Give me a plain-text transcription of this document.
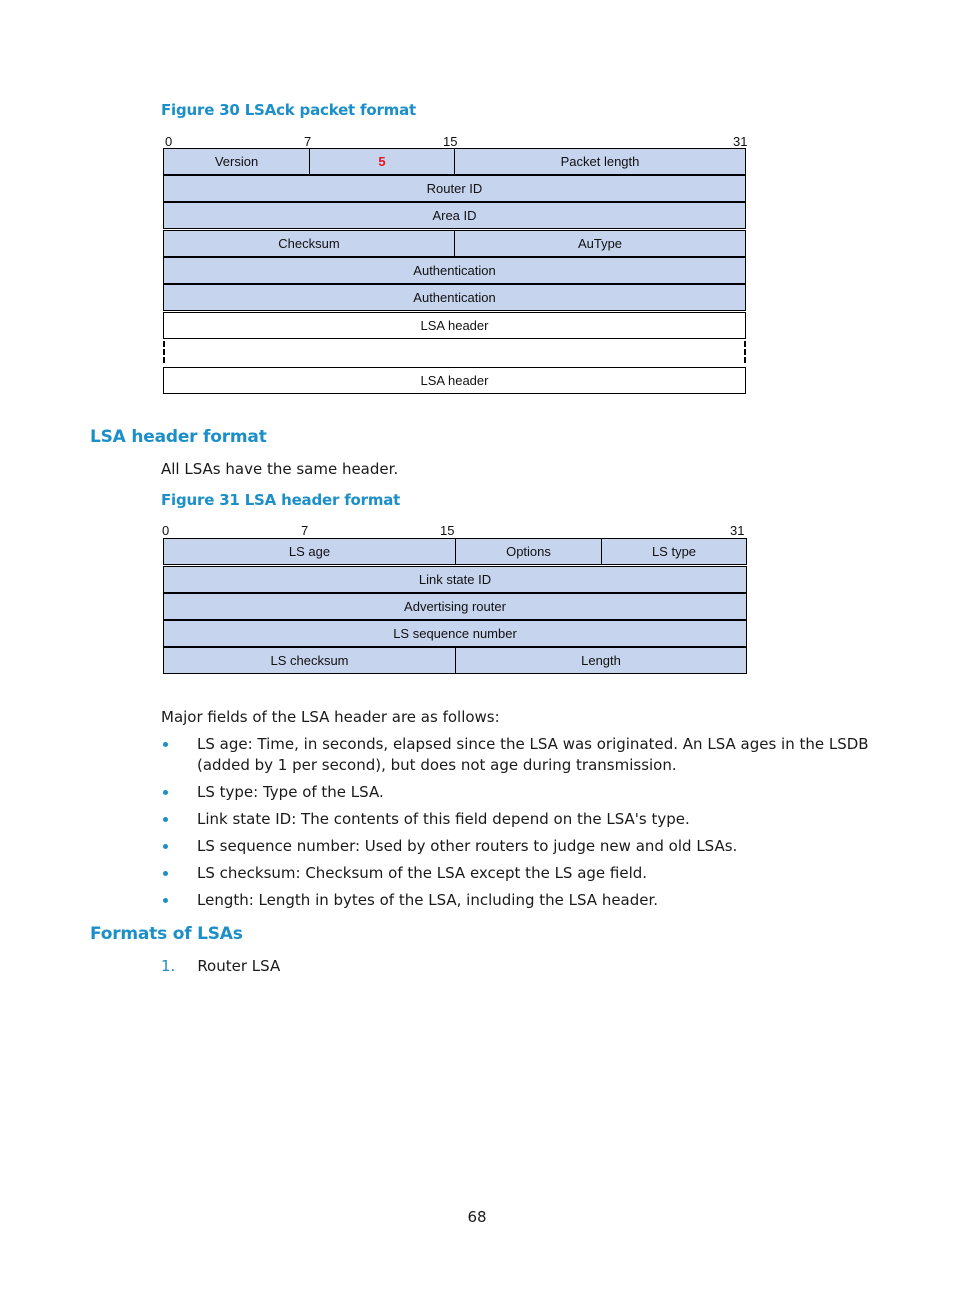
Figure 30 LSAck packet format
0	7	15	31
Version	5	Packet length
Router ID
Area ID
Checksum	AuType
Authentication
Authentication
LSA header
LSA header
LSA header format
All LSAs have the same header.
Figure 31 LSA header format
0	7	15	31
LS age	Options	LS type
Link state ID
Advertising router
LS sequence number
LS checksum	Length
Major fields of the LSA header are as follows:
LS age: Time, in seconds, elapsed since the LSA was originated. An LSA ages in the LSDB (added by 1 per second), but does not age during transmission.
LS type: Type of the LSA.
Link state ID: The contents of this field depend on the LSA's type.
LS sequence number: Used by other routers to judge new and old LSAs.
LS checksum: Checksum of the LSA except the LS age field.
Length: Length in bytes of the LSA, including the LSA header.
Formats of LSAs
1. Router LSA
68
